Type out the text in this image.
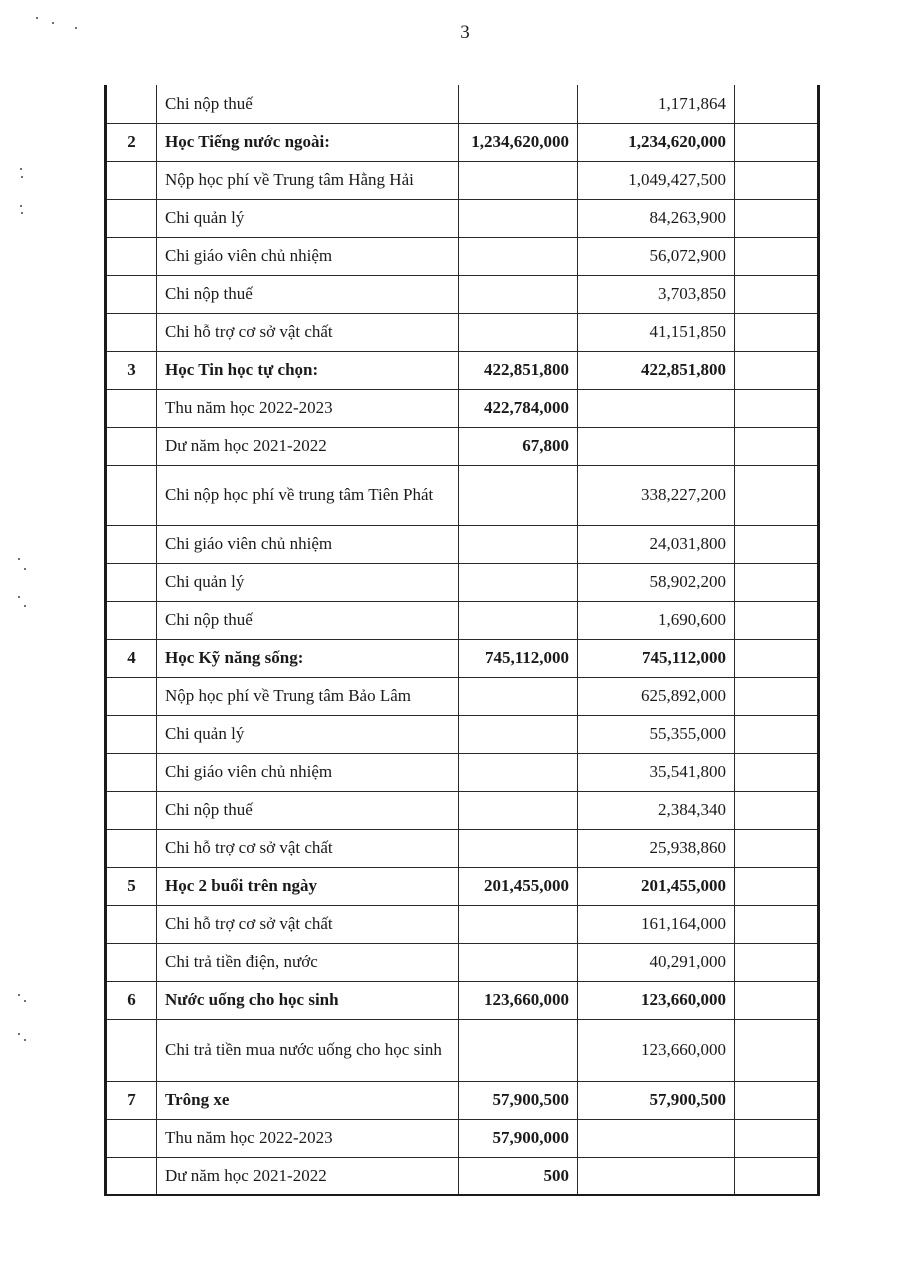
3
	Chi nộp thuế		1,171,864	
2	Học Tiếng nước ngoài:	1,234,620,000	1,234,620,000	
	Nộp học phí về Trung tâm Hằng Hải		1,049,427,500	
	Chi quản lý		84,263,900	
	Chi giáo viên chủ nhiệm		56,072,900	
	Chi nộp thuế		3,703,850	
	Chi hỗ trợ cơ sở vật chất		41,151,850	
3	Học Tin học tự chọn:	422,851,800	422,851,800	
	Thu năm học 2022-2023	422,784,000		
	Dư năm học 2021-2022	67,800		
	Chi nộp học phí về trung tâm Tiên Phát		338,227,200	
	Chi giáo viên chủ nhiệm		24,031,800	
	Chi quản lý		58,902,200	
	Chi nộp thuế		1,690,600	
4	Học Kỹ năng sống:	745,112,000	745,112,000	
	Nộp học phí về Trung tâm Bảo Lâm		625,892,000	
	Chi quản lý		55,355,000	
	Chi giáo viên chủ nhiệm		35,541,800	
	Chi nộp thuế		2,384,340	
	Chi hỗ trợ cơ sở vật chất		25,938,860	
5	Học 2 buổi trên ngày	201,455,000	201,455,000	
	Chi hỗ trợ cơ sở vật chất		161,164,000	
	Chi trả tiền điện, nước		40,291,000	
6	Nước uống cho học sinh	123,660,000	123,660,000	
	Chi trả tiền mua nước uống cho học sinh		123,660,000	
7	Trông xe	57,900,500	57,900,500	
	Thu năm học 2022-2023	57,900,000		
	Dư năm học 2021-2022	500		
